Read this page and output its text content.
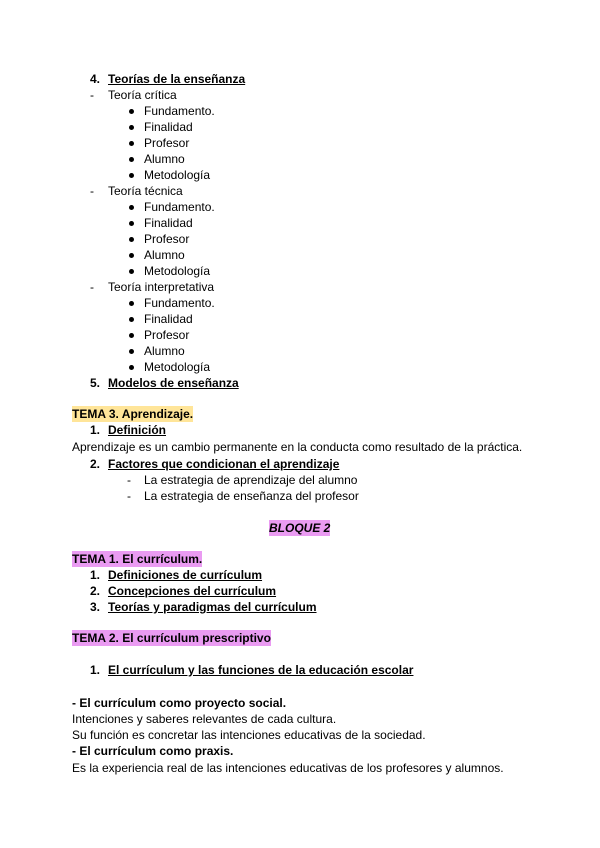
4. Teorías de la enseñanza
- Teoría crítica
Fundamento.
Finalidad
Profesor
Alumno
Metodología
- Teoría técnica
Fundamento.
Finalidad
Profesor
Alumno
Metodología
- Teoría interpretativa
Fundamento.
Finalidad
Profesor
Alumno
Metodología
5. Modelos de enseñanza
TEMA 3. Aprendizaje.
1. Definición
Aprendizaje es un cambio permanente en la conducta como resultado de la práctica.
2. Factores que condicionan el aprendizaje
- La estrategia de aprendizaje del alumno
- La estrategia de enseñanza del profesor
BLOQUE 2
TEMA 1. El currículum.
1. Definiciones de currículum
2. Concepciones del currículum
3. Teorías y paradigmas del currículum
TEMA 2. El currículum prescriptivo
1. El currículum y las funciones de la educación escolar
- El currículum como proyecto social.
Intenciones y saberes relevantes de cada cultura.
Su función es concretar las intenciones educativas de la sociedad.
- El currículum como praxis.
Es la experiencia real de las intenciones educativas de los profesores y alumnos.
